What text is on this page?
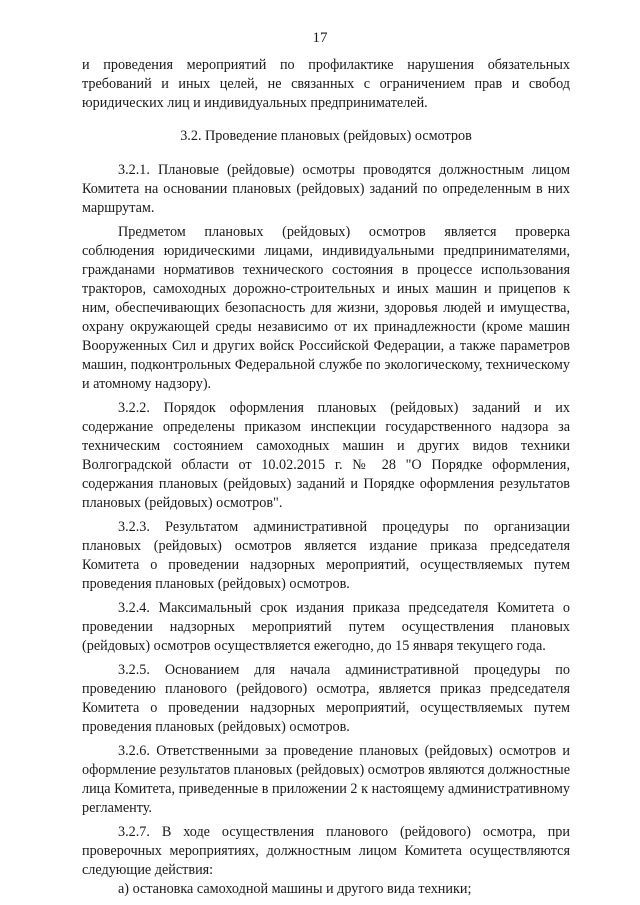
17

и проведения мероприятий по профилактике нарушения обязательных требований и иных целей, не связанных с ограничением прав и свобод юридических лиц и индивидуальных предпринимателей.

3.2. Проведение плановых (рейдовых) осмотров

3.2.1. Плановые (рейдовые) осмотры проводятся должностным лицом Комитета на основании плановых (рейдовых) заданий по определенным в них маршрутам.

Предметом плановых (рейдовых) осмотров является проверка соблюдения юридическими лицами, индивидуальными предпринимателями, гражданами нормативов технического состояния в процессе использования тракторов, самоходных дорожно-строительных и иных машин и прицепов к ним, обеспечивающих безопасность для жизни, здоровья людей и имущества, охрану окружающей среды независимо от их принадлежности (кроме машин Вооруженных Сил и других войск Российской Федерации, а также параметров машин, подконтрольных Федеральной службе по экологическому, техническому и атомному надзору).

3.2.2. Порядок оформления плановых (рейдовых) заданий и их содержание определены приказом инспекции государственного надзора за техническим состоянием самоходных машин и других видов техники Волгоградской области от 10.02.2015 г. № 28 "О Порядке оформления, содержания плановых (рейдовых) заданий и Порядке оформления результатов плановых (рейдовых) осмотров".

3.2.3. Результатом административной процедуры по организации плановых (рейдовых) осмотров является издание приказа председателя Комитета о проведении надзорных мероприятий, осуществляемых путем проведения плановых (рейдовых) осмотров.

3.2.4. Максимальный срок издания приказа председателя Комитета о проведении надзорных мероприятий путем осуществления плановых (рейдовых) осмотров осуществляется ежегодно, до 15 января текущего года.

3.2.5. Основанием для начала административной процедуры по проведению планового (рейдового) осмотра, является приказ председателя Комитета о проведении надзорных мероприятий, осуществляемых путем проведения плановых (рейдовых) осмотров.

3.2.6. Ответственными за проведение плановых (рейдовых) осмотров и оформление результатов плановых (рейдовых) осмотров являются должностные лица Комитета, приведенные в приложении 2 к настоящему административному регламенту.

3.2.7. В ходе осуществления планового (рейдового) осмотра, при проверочных мероприятиях, должностным лицом Комитета осуществляются следующие действия:

а) остановка самоходной машины и другого вида техники;
